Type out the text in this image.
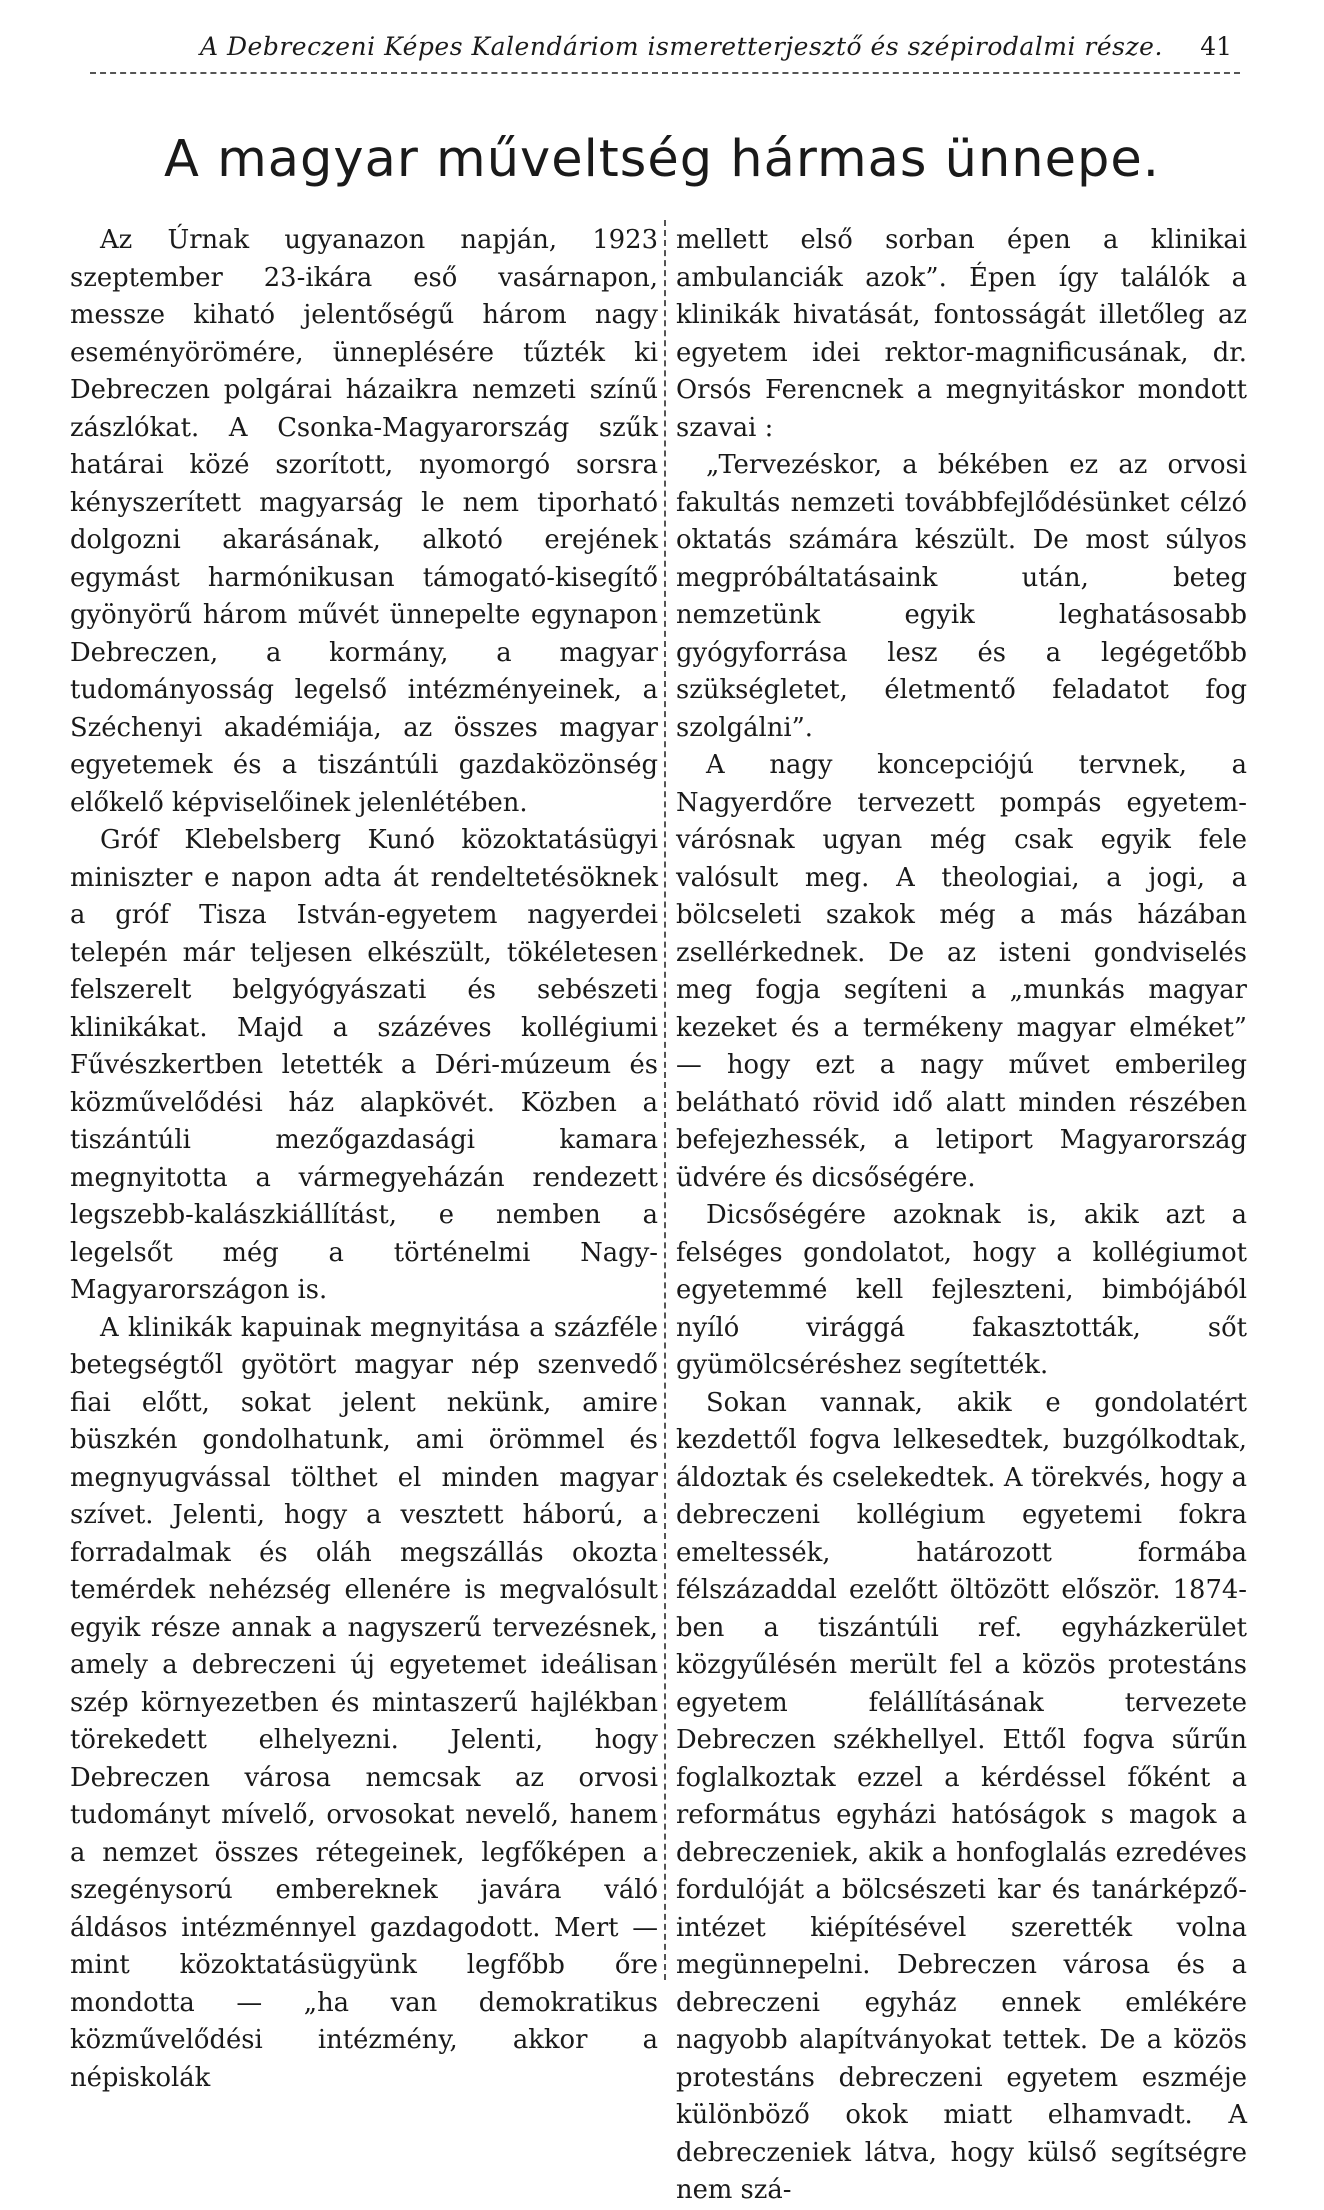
A Debreczeni Képes Kalendáriom ismeretterjesztő és szépirodalmi része. 41
A magyar műveltség hármas ünnepe.

Az Úrnak ugyanazon napján, 1923 szeptember 23-ikára eső vasárnapon, messze kiható jelentőségű három nagy eseményörömére, ünneplésére tűzték ki Debreczen polgárai házaikra nemzeti színű zászlókat. A Csonka-Magyarország szűk határai közé szorított, nyomorgó sorsra kényszerített magyarság le nem tiporható dolgozni akarásának, alkotó erejének egymást harmónikusan támogató-kisegítő gyönyörű három művét ünnepelte egynapon Debreczen, a kormány, a magyar tudományosság legelső intézményeinek, a Széchenyi akadémiája, az összes magyar egyetemek és a tiszántúli gazdaközönség előkelő képviselőinek jelenlétében.

Gróf Klebelsberg Kunó közoktatásügyi miniszter e napon adta át rendeltetésöknek a gróf Tisza István-egyetem nagyerdei telepén már teljesen elkészült, tökéletesen felszerelt belgyógyászati és sebészeti klinikákat. Majd a százéves kollégiumi Fűvészkertben letették a Déri-múzeum és közművelődési ház alapkövét. Közben a tiszántúli mezőgazdasági kamara megnyitotta a vármegyeházán rendezett legszebb-kalászkiállítást, e nemben a legelsőt még a történelmi Nagy-Magyarországon is.

A klinikák kapuinak megnyitása a százféle betegségtől gyötört magyar nép szenvedő fiai előtt, sokat jelent nekünk, amire büszkén gondolhatunk, ami örömmel és megnyugvással tölthet el minden magyar szívet. Jelenti, hogy a vesztett háború, a forradalmak és oláh megszállás okozta temérdek nehézség ellenére is megvalósult egyik része annak a nagyszerű tervezésnek, amely a debreczeni új egyetemet ideálisan szép környezetben és mintaszerű hajlékban törekedett elhelyezni. Jelenti, hogy Debreczen városa nemcsak az orvosi tudományt mívelő, orvosokat nevelő, hanem a nemzet összes rétegeinek, legfőképen a szegénysorú embereknek javára váló áldásos intézménnyel gazdagodott. Mert — mint közoktatásügyünk legfőbb őre mondotta — „ha van demokratikus közművelődési intézmény, akkor a népiskolák

mellett első sorban épen a klinikai ambulanciák azok”. Épen így találók a klinikák hivatását, fontosságát illetőleg az egyetem idei rektor-magnificusának, dr. Orsós Ferencnek a megnyitáskor mondott szavai :

„Tervezéskor, a békében ez az orvosi fakultás nemzeti továbbfejlődésünket célzó oktatás számára készült. De most súlyos megpróbáltatásaink után, beteg nemzetünk egyik leghatásosabb gyógyforrása lesz és a legégetőbb szükségletet, életmentő feladatot fog szolgálni”.

A nagy koncepciójú tervnek, a Nagyerdőre tervezett pompás egyetem-várósnak ugyan még csak egyik fele valósult meg. A theologiai, a jogi, a bölcseleti szakok még a más házában zsellérkednek. De az isteni gondviselés meg fogja segíteni a „munkás magyar kezeket és a termékeny magyar elméket” — hogy ezt a nagy művet emberileg belátható rövid idő alatt minden részében befejezhessék, a letiport Magyarország üdvére és dicsőségére.

Dicsőségére azoknak is, akik azt a felséges gondolatot, hogy a kollégiumot egyetemmé kell fejleszteni, bimbójából nyíló virággá fakasztották, sőt gyümölcséréshez segítették.

Sokan vannak, akik e gondolatért kezdettől fogva lelkesedtek, buzgólkodtak, áldoztak és cselekedtek. A törekvés, hogy a debreczeni kollégium egyetemi fokra emeltessék, határozott formába félszázaddal ezelőtt öltözött először. 1874-ben a tiszántúli ref. egyházkerület közgyűlésén merült fel a közös protestáns egyetem felállításának tervezete Debreczen székhellyel. Ettől fogva sűrűn foglalkoztak ezzel a kérdéssel főként a református egyházi hatóságok s magok a debreczeniek, akik a honfoglalás ezredéves fordulóját a bölcsészeti kar és tanárképző-intézet kiépítésével szerették volna megünnepelni. Debreczen városa és a debreczeni egyház ennek emlékére nagyobb alapítványokat tettek. De a közös protestáns debreczeni egyetem eszméje különböző okok miatt elhamvadt. A debreczeniek látva, hogy külső segítségre nem szá-
